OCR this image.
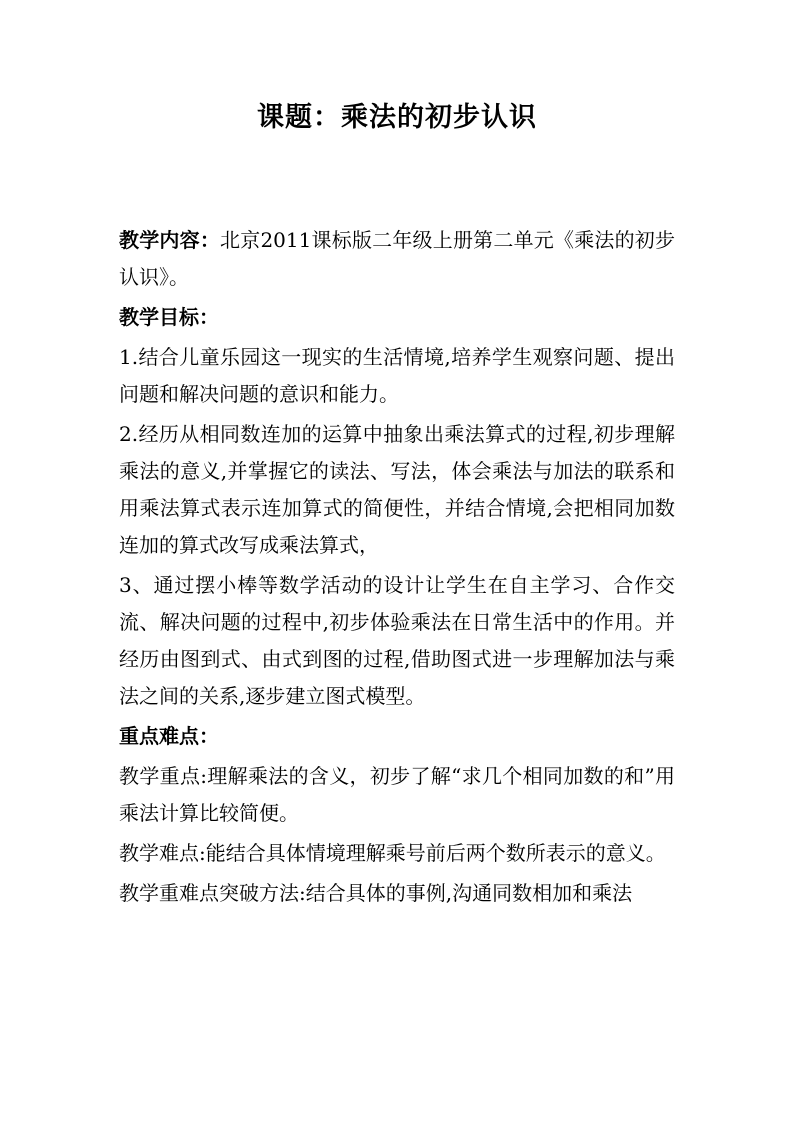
课题：乘法的初步认识

教学内容：北京2011课标版二年级上册第二单元《乘法的初步认识》。

教学目标：

1.结合儿童乐园这一现实的生活情境,培养学生观察问题、提出问题和解决问题的意识和能力。

2.经历从相同数连加的运算中抽象出乘法算式的过程,初步理解乘法的意义,并掌握它的读法、写法，体会乘法与加法的联系和用乘法算式表示连加算式的简便性，并结合情境,会把相同加数连加的算式改写成乘法算式，

3、通过摆小棒等数学活动的设计让学生在自主学习、合作交流、解决问题的过程中,初步体验乘法在日常生活中的作用。并经历由图到式、由式到图的过程,借助图式进一步理解加法与乘法之间的关系,逐步建立图式模型。

重点难点：

教学重点:理解乘法的含义，初步了解“求几个相同加数的和”用乘法计算比较简便。

教学难点:能结合具体情境理解乘号前后两个数所表示的意义。

教学重难点突破方法:结合具体的事例,沟通同数相加和乘法
